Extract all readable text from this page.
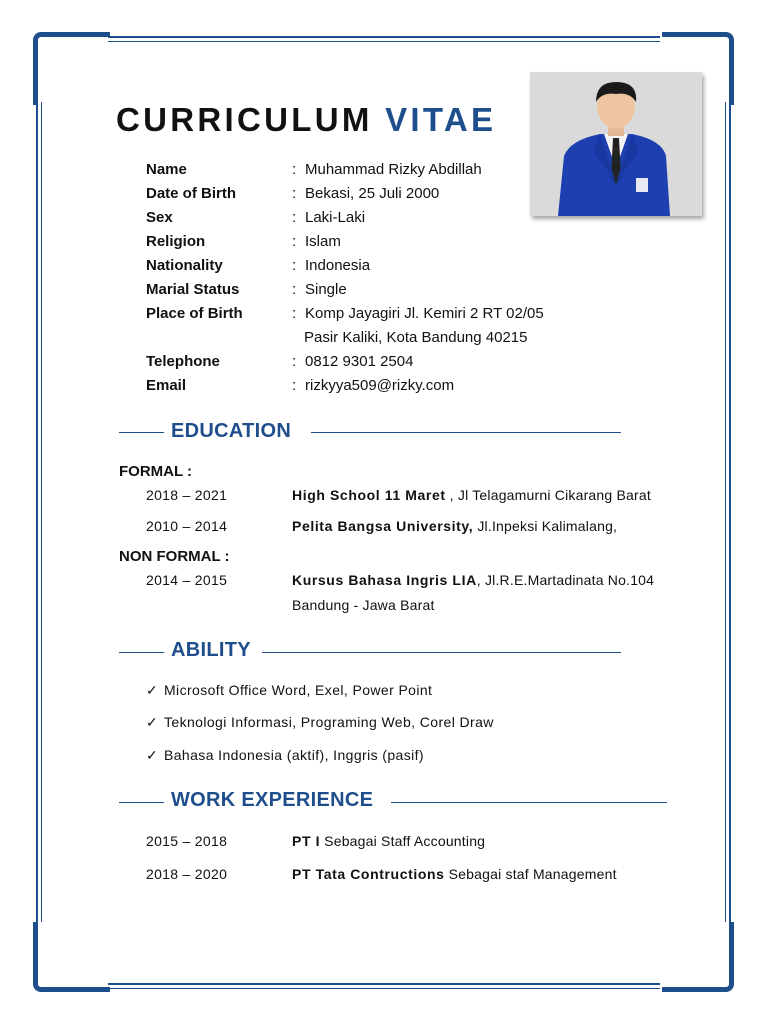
CURRICULUM VITAE
Name	: Muhammad Rizky Abdillah
Date of Birth	: Bekasi, 25 Juli 2000
Sex	: Laki-Laki
Religion	: Islam
Nationality	: Indonesia
Marial Status	: Single
Place of Birth	: Komp Jayagiri Jl. Kemiri 2 RT 02/05
Pasir Kaliki, Kota Bandung 40215
Telephone	: 0812 9301 2504
Email	: rizkyya509@rizky.com
EDUCATION
FORMAL :
2018 – 2021	High School 11 Maret , Jl Telagamurni Cikarang Barat
2010 – 2014	Pelita Bangsa University, Jl.Inpeksi Kalimalang,
NON FORMAL :
2014 – 2015	Kursus Bahasa Ingris LIA, Jl.R.E.Martadinata No.104
Bandung - Jawa Barat
ABILITY
✓ Microsoft Office Word, Exel, Power Point
✓ Teknologi Informasi, Programing Web, Corel Draw
✓ Bahasa Indonesia (aktif), Inggris (pasif)
WORK EXPERIENCE
2015 – 2018	PT I Sebagai Staff Accounting
2018 – 2020	PT Tata Contructions Sebagai staf Management
